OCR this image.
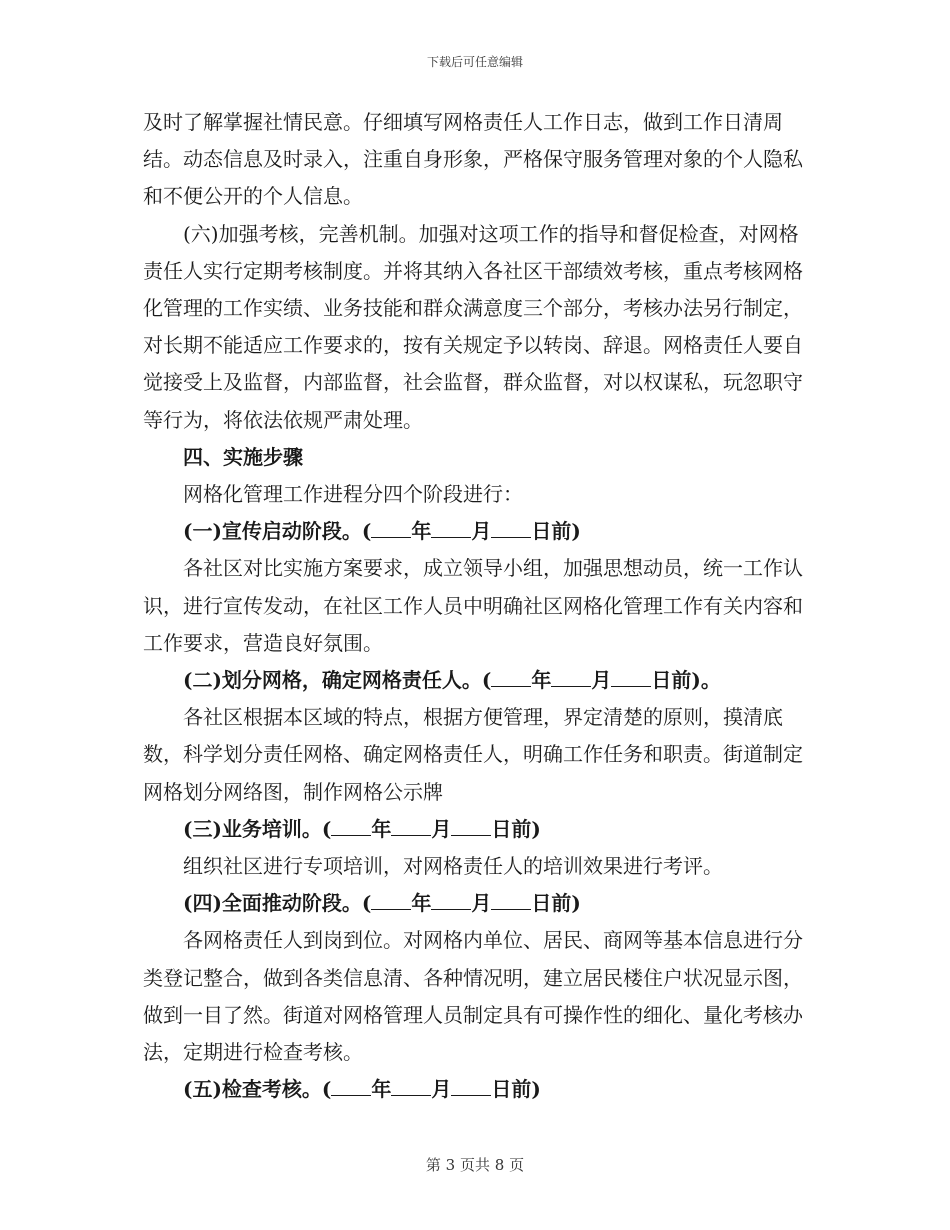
下载后可任意编辑

及时了解掌握社情民意。仔细填写网格责任人工作日志，做到工作日清周结。动态信息及时录入，注重自身形象，严格保守服务管理对象的个人隐私和不便公开的个人信息。

(六)加强考核，完善机制。加强对这项工作的指导和督促检查，对网格责任人实行定期考核制度。并将其纳入各社区干部绩效考核，重点考核网格化管理的工作实绩、业务技能和群众满意度三个部分，考核办法另行制定，对长期不能适应工作要求的，按有关规定予以转岗、辞退。网格责任人要自觉接受上及监督，内部监督，社会监督，群众监督，对以权谋私，玩忽职守等行为，将依法依规严肃处理。

四、实施步骤

网格化管理工作进程分四个阶段进行：

(一)宣传启动阶段。( 年 月 日前)

各社区对比实施方案要求，成立领导小组，加强思想动员，统一工作认识，进行宣传发动，在社区工作人员中明确社区网格化管理工作有关内容和工作要求，营造良好氛围。

(二)划分网格，确定网格责任人。( 年 月 日前)。

各社区根据本区域的特点，根据方便管理，界定清楚的原则，摸清底数，科学划分责任网格、确定网格责任人，明确工作任务和职责。街道制定网格划分网络图，制作网格公示牌

(三)业务培训。( 年 月 日前)

组织社区进行专项培训，对网格责任人的培训效果进行考评。

(四)全面推动阶段。( 年 月 日前)

各网格责任人到岗到位。对网格内单位、居民、商网等基本信息进行分类登记整合，做到各类信息清、各种情况明，建立居民楼住户状况显示图，做到一目了然。街道对网格管理人员制定具有可操作性的细化、量化考核办法，定期进行检查考核。

(五)检查考核。( 年 月 日前)

第 3 页共 8 页
